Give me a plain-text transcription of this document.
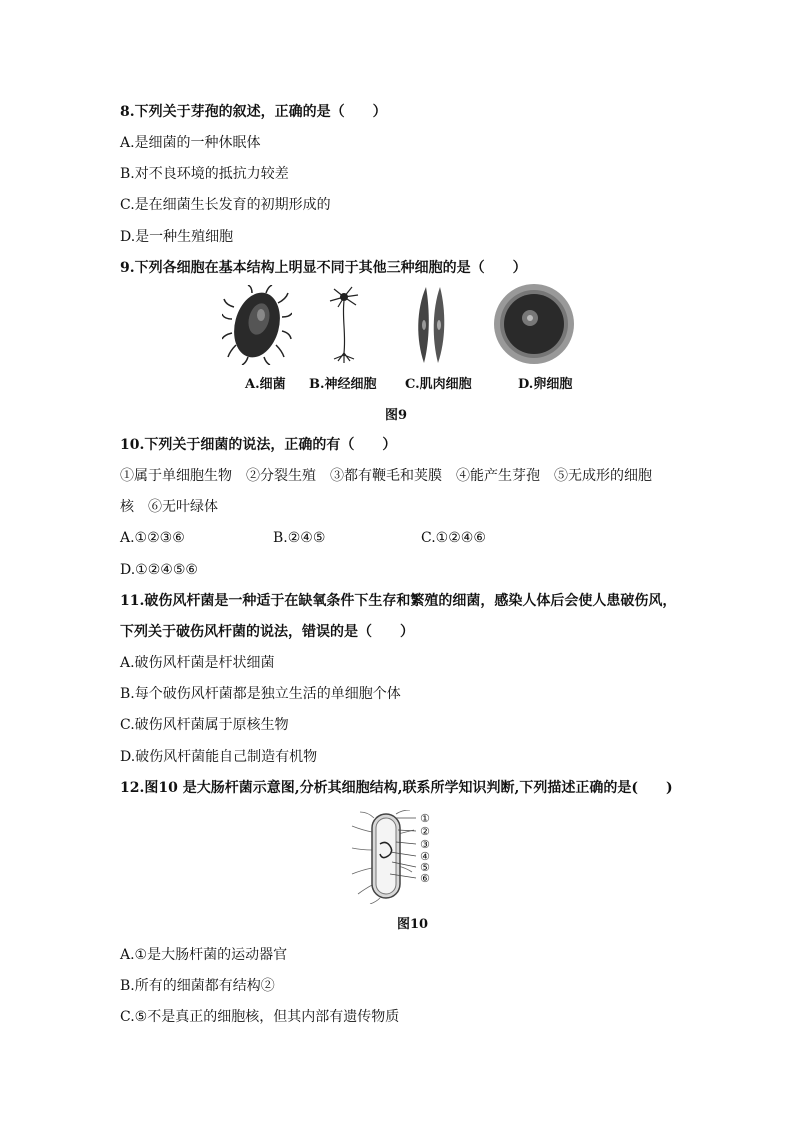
8.下列关于芽孢的叙述，正确的是（　　）
A.是细菌的一种休眠体
B.对不良环境的抵抗力较差
C.是在细菌生长发育的初期形成的
D.是一种生殖细胞
9.下列各细胞在基本结构上明显不同于其他三种细胞的是（　　）
A.细菌 B.神经细胞 C.肌肉细胞	D.卵细胞
图9
10.下列关于细菌的说法，正确的有（　　）
①属于单细胞生物　②分裂生殖　③都有鞭毛和荚膜　④能产生芽孢　⑤无成形的细胞
核　⑥无叶绿体
A.①②③⑥	B.②④⑤	C.①②④⑥
D.①②④⑤⑥
11.破伤风杆菌是一种适于在缺氧条件下生存和繁殖的细菌，感染人体后会使人患破伤风，
下列关于破伤风杆菌的说法，错误的是（　　）
A.破伤风杆菌是杆状细菌
B.每个破伤风杆菌都是独立生活的单细胞个体
C.破伤风杆菌属于原核生物
D.破伤风杆菌能自己制造有机物
12.图10 是大肠杆菌示意图,分析其细胞结构,联系所学知识判断,下列描述正确的是(　　)
①
②
③
④
⑤
⑥
图10
A.①是大肠杆菌的运动器官
B.所有的细菌都有结构②
C.⑤不是真正的细胞核，但其内部有遗传物质
